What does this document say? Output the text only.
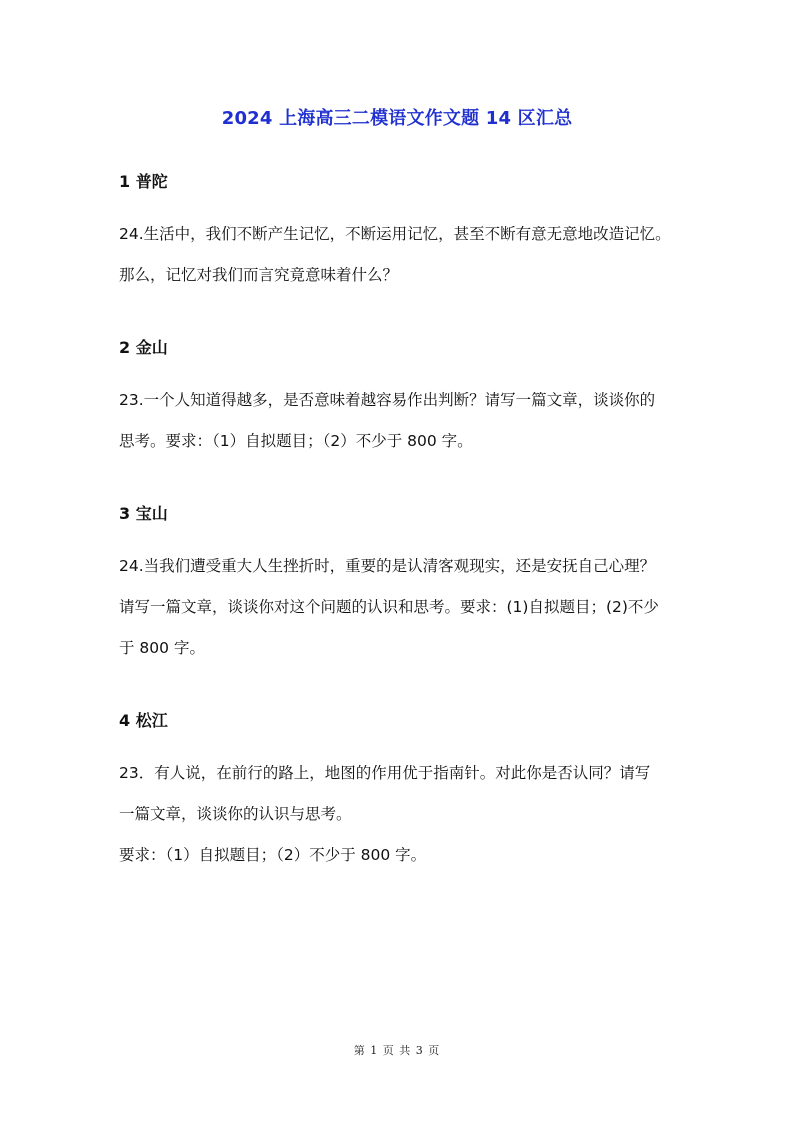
2024 上海高三二模语文作文题 14 区汇总

1 普陀

24.生活中，我们不断产生记忆，不断运用记忆，甚至不断有意无意地改造记忆。

那么，记忆对我们而言究竟意味着什么？

2 金山

23.一个人知道得越多，是否意味着越容易作出判断？请写一篇文章，谈谈你的

思考。要求：（1）自拟题目；（2）不少于 800 字。

3 宝山

24.当我们遭受重大人生挫折时，重要的是认清客观现实，还是安抚自己心理？

请写一篇文章，谈谈你对这个问题的认识和思考。要求：(1)自拟题目；(2)不少

于 800 字。

4 松江

23．有人说，在前行的路上，地图的作用优于指南针。对此你是否认同？请写

一篇文章，谈谈你的认识与思考。

要求：（1）自拟题目；（2）不少于 800 字。

第 1 页 共 3 页
